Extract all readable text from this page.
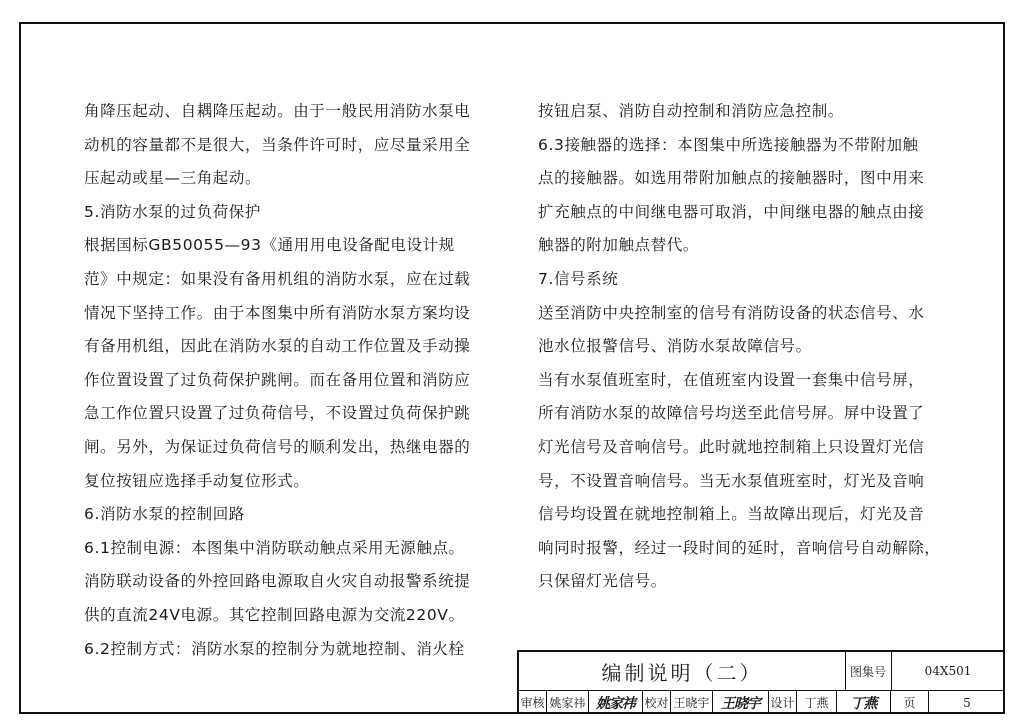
角降压起动、自耦降压起动。由于一般民用消防水泵电
动机的容量都不是很大，当条件许可时，应尽量采用全
压起动或星—三角起动。
5.消防水泵的过负荷保护
根据国标GB50055—93《通用用电设备配电设计规
范》中规定：如果没有备用机组的消防水泵，应在过载
情况下坚持工作。由于本图集中所有消防水泵方案均设
有备用机组，因此在消防水泵的自动工作位置及手动操
作位置设置了过负荷保护跳闸。而在备用位置和消防应
急工作位置只设置了过负荷信号，不设置过负荷保护跳
闸。另外，为保证过负荷信号的顺利发出，热继电器的
复位按钮应选择手动复位形式。
6.消防水泵的控制回路
6.1控制电源：本图集中消防联动触点采用无源触点。
消防联动设备的外控回路电源取自火灾自动报警系统提
供的直流24V电源。其它控制回路电源为交流220V。
6.2控制方式：消防水泵的控制分为就地控制、消火栓
按钮启泵、消防自动控制和消防应急控制。
6.3接触器的选择：本图集中所选接触器为不带附加触
点的接触器。如选用带附加触点的接触器时，图中用来
扩充触点的中间继电器可取消，中间继电器的触点由接
触器的附加触点替代。
7.信号系统
送至消防中央控制室的信号有消防设备的状态信号、水
池水位报警信号、消防水泵故障信号。
当有水泵值班室时，在值班室内设置一套集中信号屏，
所有消防水泵的故障信号均送至此信号屏。屏中设置了
灯光信号及音响信号。此时就地控制箱上只设置灯光信
号，不设置音响信号。当无水泵值班室时，灯光及音响
信号均设置在就地控制箱上。当故障出现后，灯光及音
响同时报警，经过一段时间的延时，音响信号自动解除，
只保留灯光信号。
编制说明（二）	图集号	04X501
审核 姚家祎 姚家祎 校对 王晓宇 王晓宇 设计 丁燕	丁燕	页	5
